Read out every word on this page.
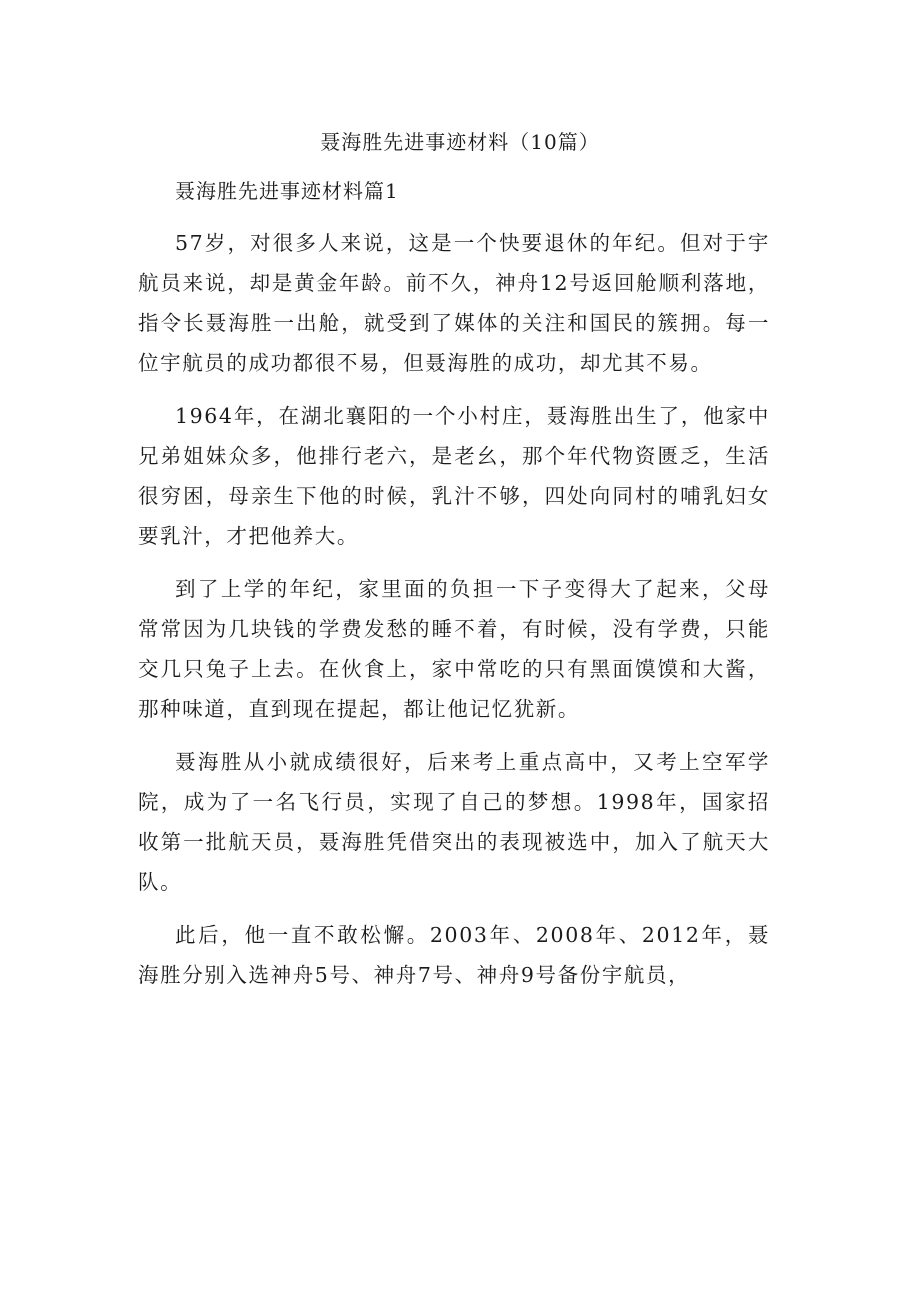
聂海胜先进事迹材料（10篇）
聂海胜先进事迹材料篇1

57岁，对很多人来说，这是一个快要退休的年纪。但对于宇航员来说，却是黄金年龄。前不久，神舟12号返回舱顺利落地，指令长聂海胜一出舱，就受到了媒体的关注和国民的簇拥。每一位宇航员的成功都很不易，但聂海胜的成功，却尤其不易。

1964年，在湖北襄阳的一个小村庄，聂海胜出生了，他家中兄弟姐妹众多，他排行老六，是老幺，那个年代物资匮乏，生活很穷困，母亲生下他的时候，乳汁不够，四处向同村的哺乳妇女要乳汁，才把他养大。

到了上学的年纪，家里面的负担一下子变得大了起来，父母常常因为几块钱的学费发愁的睡不着，有时候，没有学费，只能交几只兔子上去。在伙食上，家中常吃的只有黑面馍馍和大酱，那种味道，直到现在提起，都让他记忆犹新。

聂海胜从小就成绩很好，后来考上重点高中，又考上空军学院，成为了一名飞行员，实现了自己的梦想。1998年，国家招收第一批航天员，聂海胜凭借突出的表现被选中，加入了航天大队。

此后，他一直不敢松懈。2003年、2008年、2012年，聂海胜分别入选神舟5号、神舟7号、神舟9号备份宇航员，
